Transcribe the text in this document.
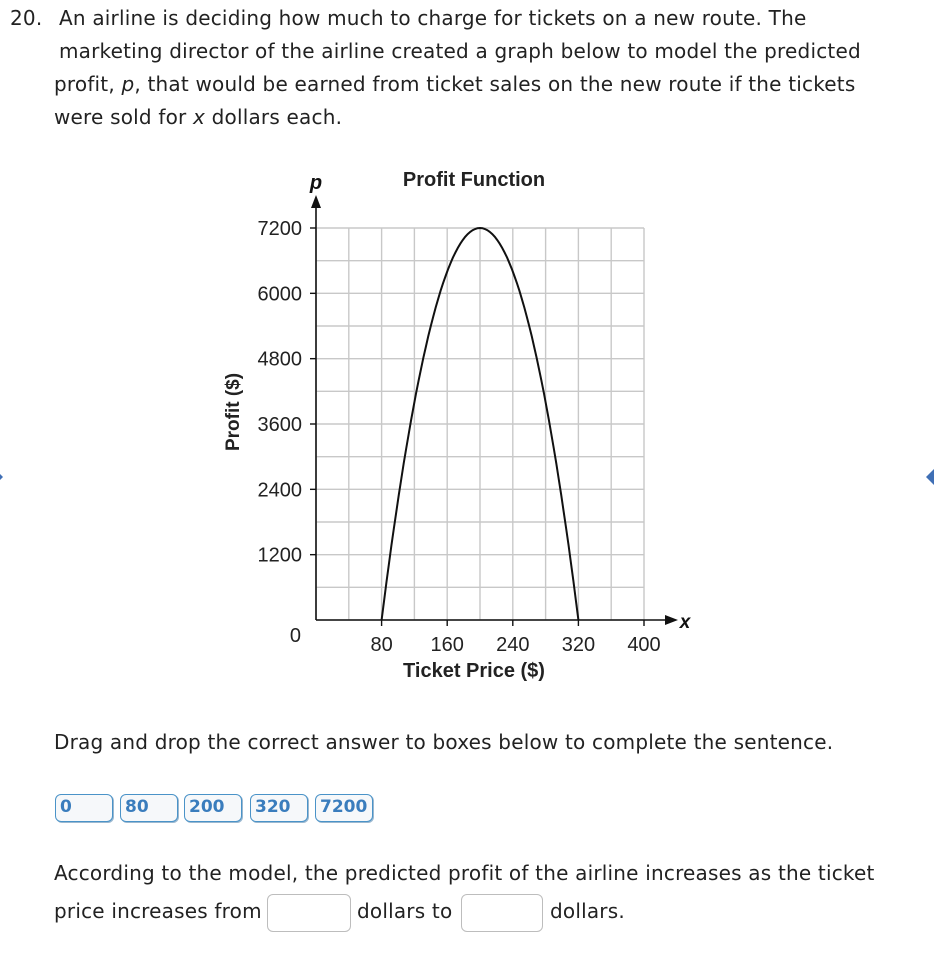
20. An airline is deciding how much to charge for tickets on a new route. The
marketing director of the airline created a graph below to model the predicted
profit, p, that would be earned from ticket sales on the new route if the tickets
were sold for x dollars each.
1200
2400
3600
4800
6000
7200
80 160 240 320 400
Profit Function
p
x
Profit ($)
Ticket Price ($)
0
Drag and drop the correct answer to boxes below to complete the sentence.
0	80	200	320	7200
According to the model, the predicted profit of the airline increases as the ticket
price increases from	dollars to	dollars.
